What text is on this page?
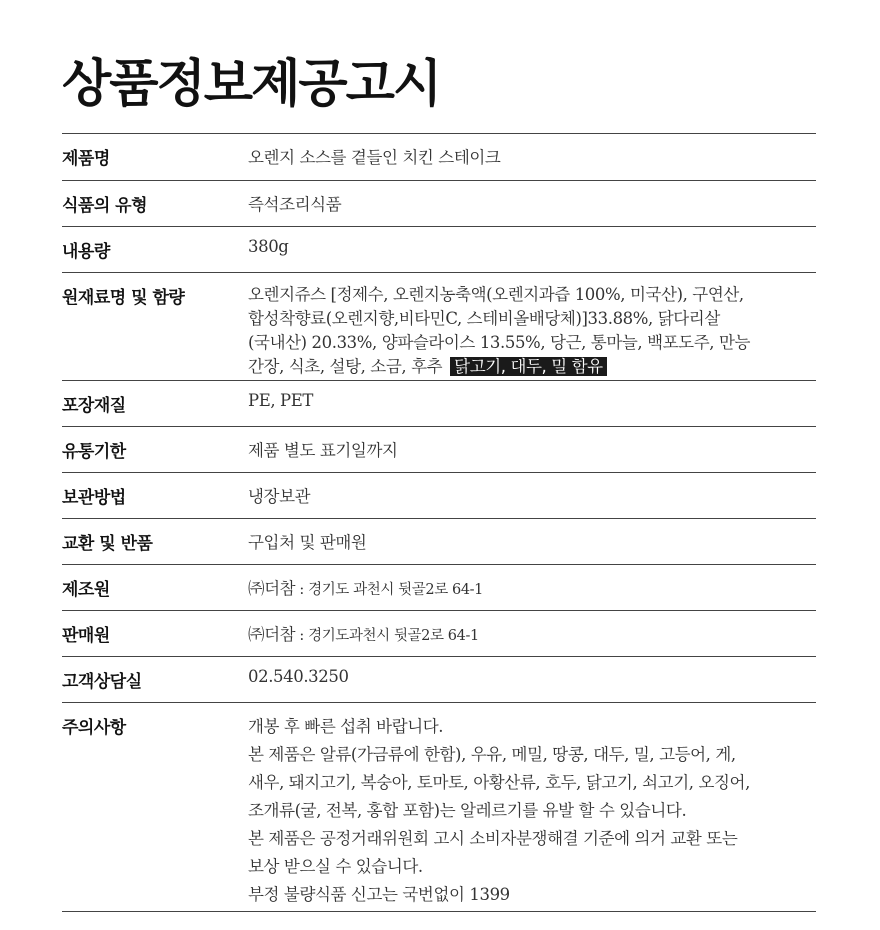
상품정보제공고시
제품명	오렌지 소스를 곁들인 치킨 스테이크
식품의 유형	즉석조리식품
내용량	380g
원재료명 및 함량	오렌지쥬스 [정제수, 오렌지농축액(오렌지과즙 100%, 미국산), 구연산,
합성착향료(오렌지향,비타민C, 스테비올배당체)]33.88%, 닭다리살
(국내산) 20.33%, 양파슬라이스 13.55%, 당근, 통마늘, 백포도주, 만능
간장, 식초, 설탕, 소금, 후추 닭고기, 대두, 밀 함유
포장재질	PE, PET
유통기한	제품 별도 표기일까지
보관방법	냉장보관
교환 및 반품	구입처 및 판매원
제조원	㈜더참 : 경기도 과천시 뒷골2로 64-1
판매원	㈜더참 : 경기도과천시 뒷골2로 64-1
고객상담실	02.540.3250
주의사항	개봉 후 빠른 섭취 바랍니다.
본 제품은 알류(가금류에 한함), 우유, 메밀, 땅콩, 대두, 밀, 고등어, 게,
새우, 돼지고기, 복숭아, 토마토, 아황산류, 호두, 닭고기, 쇠고기, 오징어,
조개류(굴, 전복, 홍합 포함)는 알레르기를 유발 할 수 있습니다.
본 제품은 공정거래위원회 고시 소비자분쟁해결 기준에 의거 교환 또는
보상 받으실 수 있습니다.
부정 불량식품 신고는 국번없이 1399
